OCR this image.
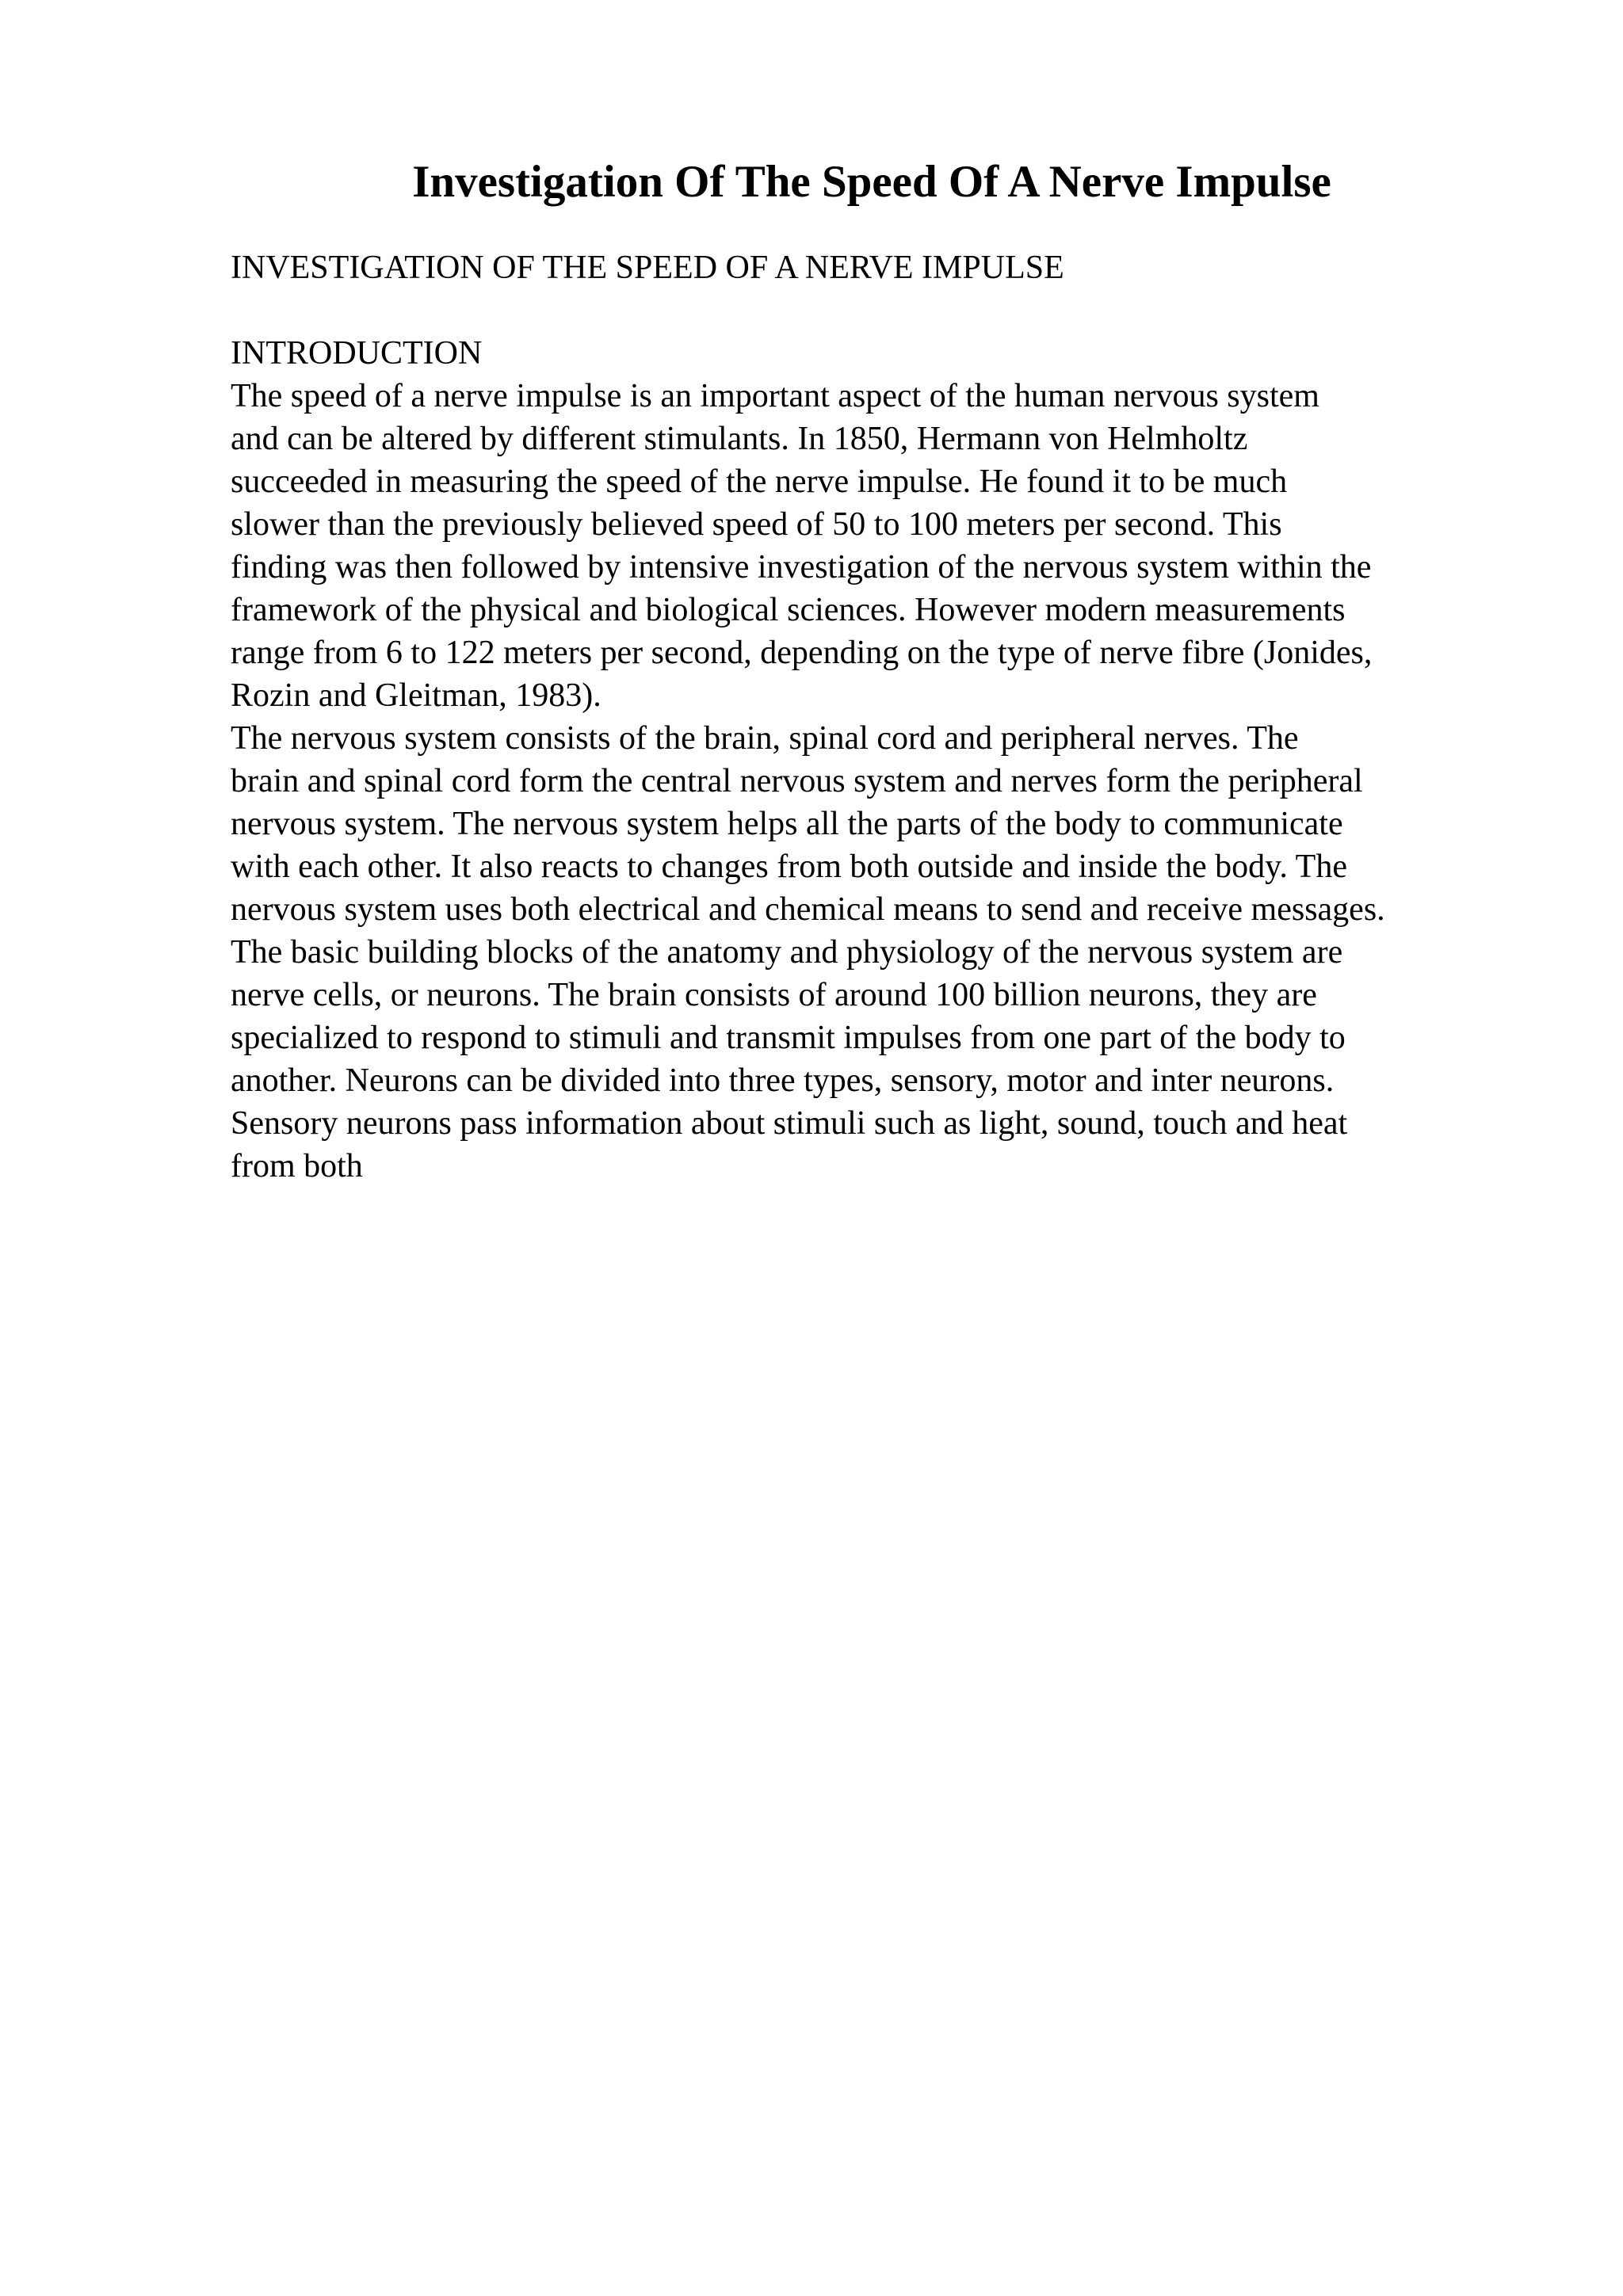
Investigation Of The Speed Of A Nerve Impulse
INVESTIGATION OF THE SPEED OF A NERVE IMPULSE
INTRODUCTION
The speed of a nerve impulse is an important aspect of the human nervous system
and can be altered by different stimulants. In 1850, Hermann von Helmholtz
succeeded in measuring the speed of the nerve impulse. He found it to be much
slower than the previously believed speed of 50 to 100 meters per second. This
finding was then followed by intensive investigation of the nervous system within the
framework of the physical and biological sciences. However modern measurements
range from 6 to 122 meters per second, depending on the type of nerve fibre (Jonides,
Rozin and Gleitman, 1983).
The nervous system consists of the brain, spinal cord and peripheral nerves. The
brain and spinal cord form the central nervous system and nerves form the peripheral
nervous system. The nervous system helps all the parts of the body to communicate
with each other. It also reacts to changes from both outside and inside the body. The
nervous system uses both electrical and chemical means to send and receive messages.
The basic building blocks of the anatomy and physiology of the nervous system are
nerve cells, or neurons. The brain consists of around 100 billion neurons, they are
specialized to respond to stimuli and transmit impulses from one part of the body to
another. Neurons can be divided into three types, sensory, motor and inter neurons.
Sensory neurons pass information about stimuli such as light, sound, touch and heat
from both
